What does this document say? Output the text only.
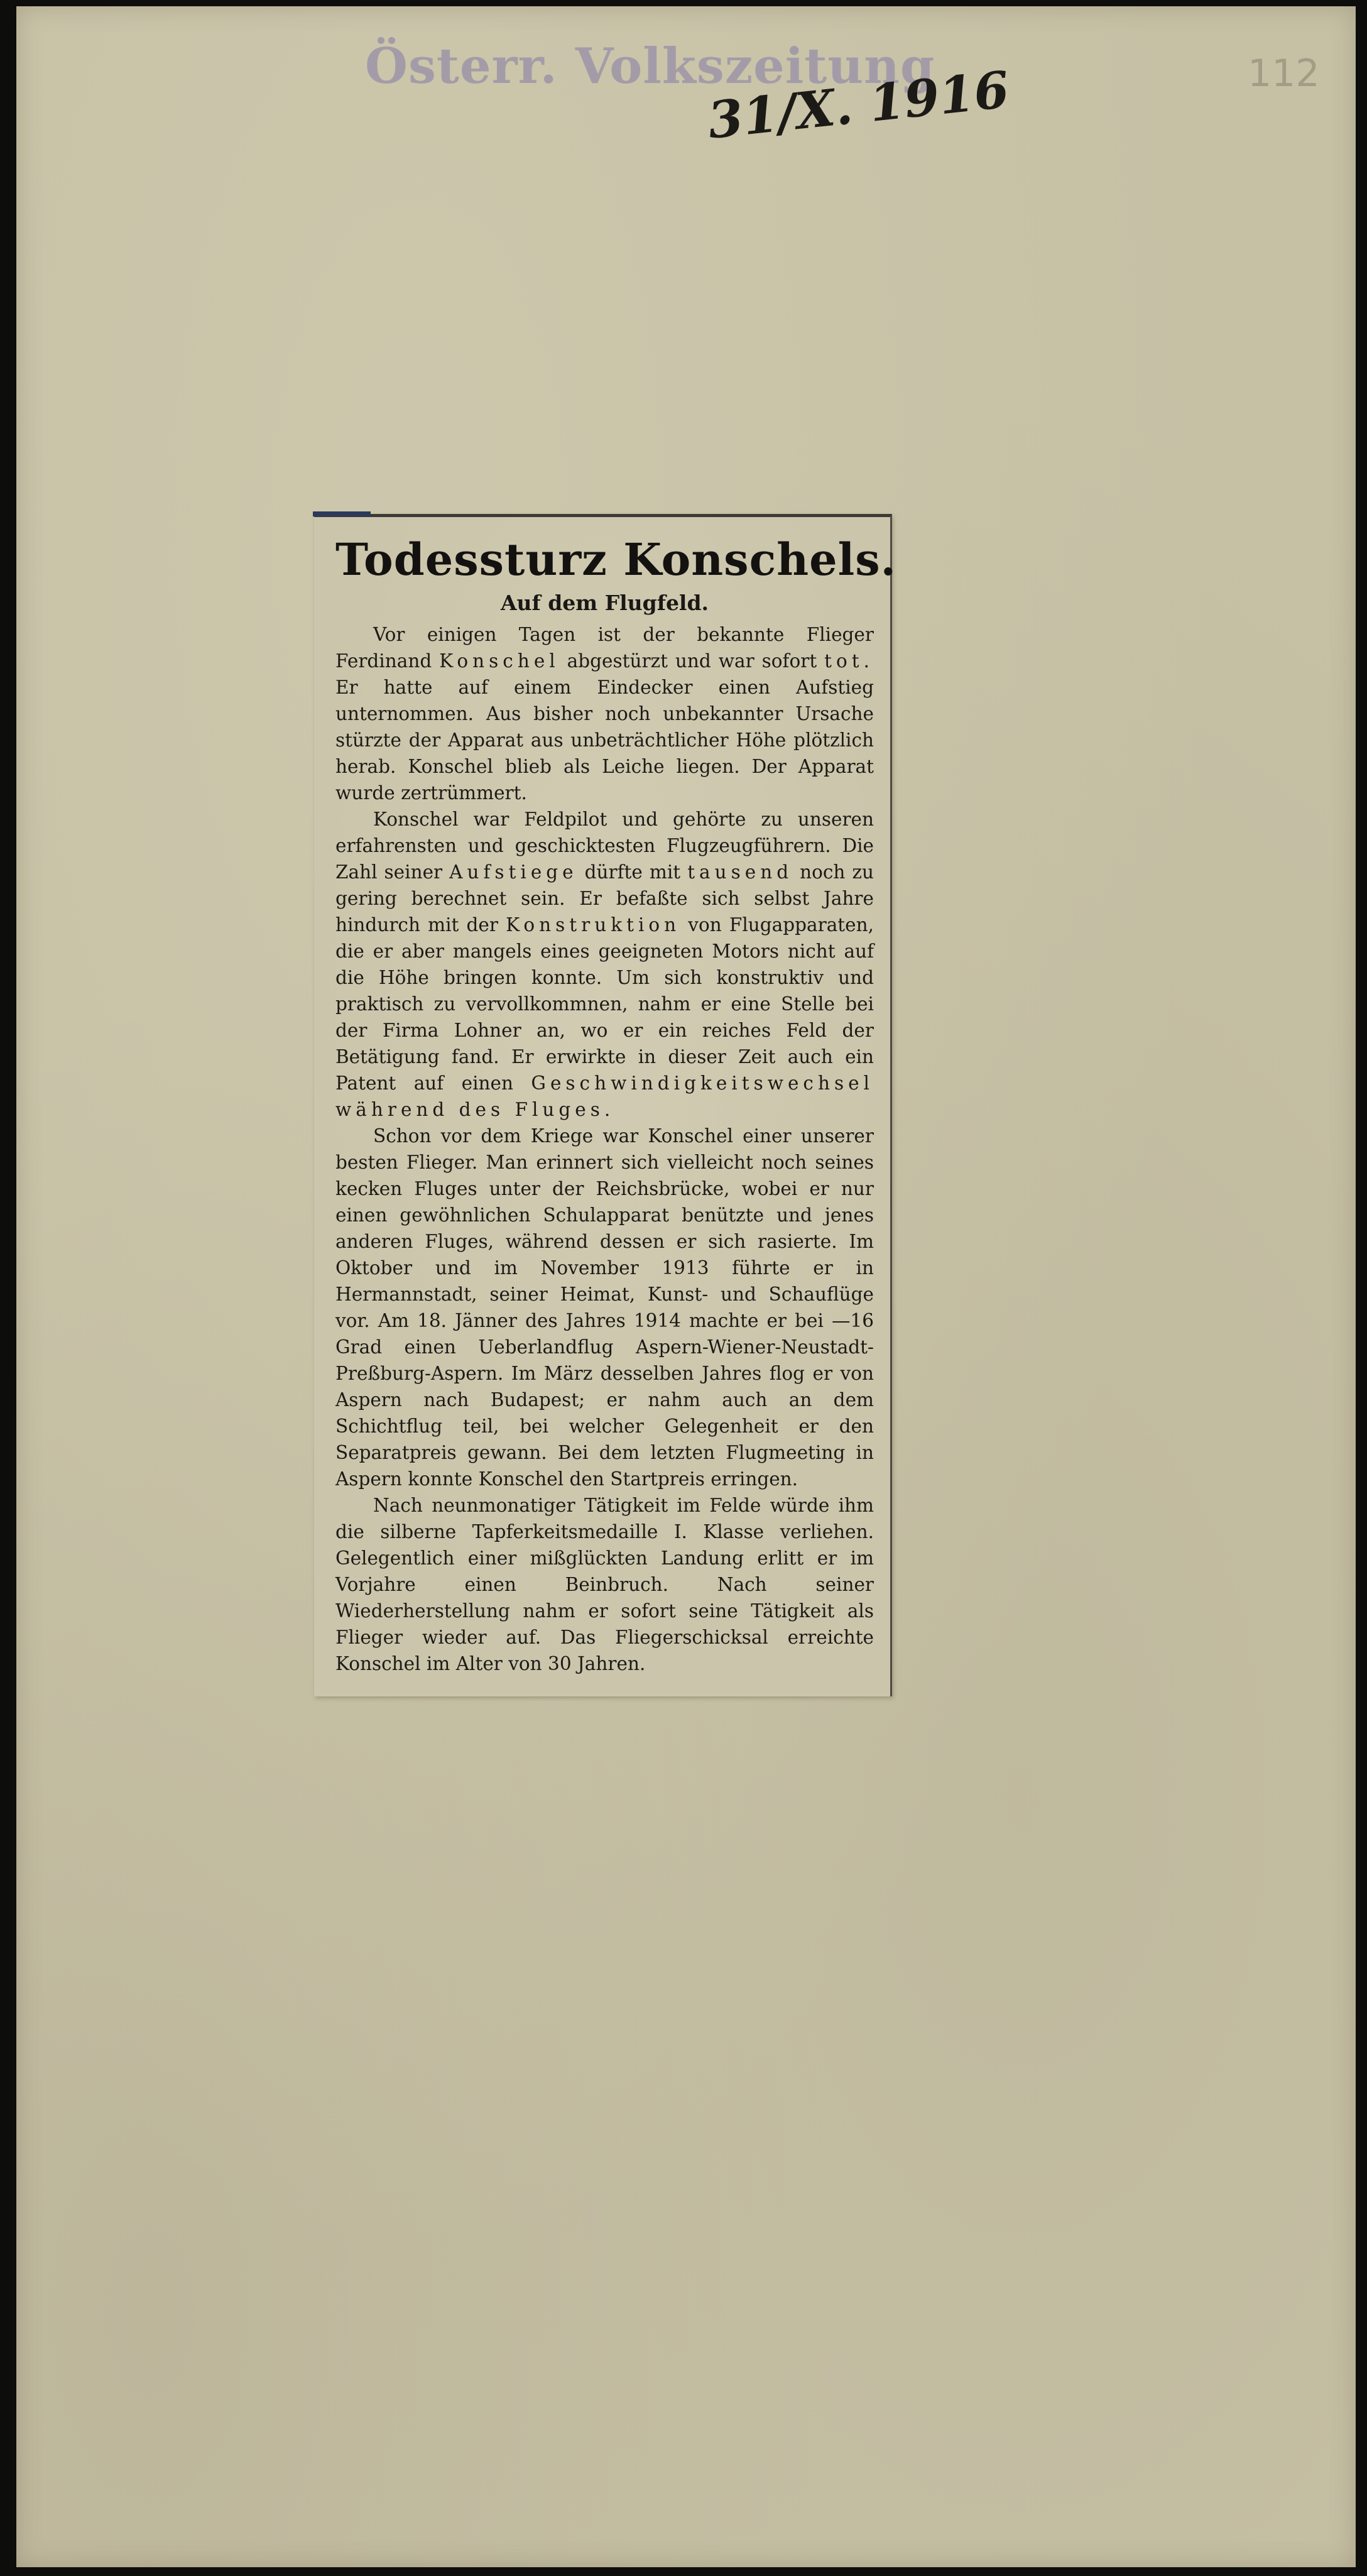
Österr. Volkszeitung
31/X. 1916	112
Todessturz Konschels.
Auf dem Flugfeld.

Vor einigen Tagen ist der bekannte Flieger Ferdinand Konschel abgestürzt und war sofort tot. Er hatte auf einem Eindecker einen Aufstieg unternommen. Aus bisher noch unbekannter Ursache stürzte der Apparat aus unbeträchtlicher Höhe plötzlich herab. Konschel blieb als Leiche liegen. Der Apparat wurde zertrümmert.

Konschel war Feldpilot und gehörte zu unseren erfahrensten und geschicktesten Flugzeugführern. Die Zahl seiner Aufstiege dürfte mit tausend noch zu gering berechnet sein. Er befaßte sich selbst Jahre hindurch mit der Konstruktion von Flugapparaten, die er aber mangels eines geeigneten Motors nicht auf die Höhe bringen konnte. Um sich konstruktiv und praktisch zu vervollkommnen, nahm er eine Stelle bei der Firma Lohner an, wo er ein reiches Feld der Betätigung fand. Er erwirkte in dieser Zeit auch ein Patent auf einen Geschwindigkeitswechsel während des Fluges.

Schon vor dem Kriege war Konschel einer unserer besten Flieger. Man erinnert sich vielleicht noch seines kecken Fluges unter der Reichsbrücke, wobei er nur einen gewöhnlichen Schulapparat benützte und jenes anderen Fluges, während dessen er sich rasierte. Im Oktober und im November 1913 führte er in Hermannstadt, seiner Heimat, Kunst- und Schauflüge vor. Am 18. Jänner des Jahres 1914 machte er bei —16 Grad einen Ueberlandflug Aspern-Wiener-Neustadt-Preßburg-Aspern. Im März desselben Jahres flog er von Aspern nach Budapest; er nahm auch an dem Schichtflug teil, bei welcher Gelegenheit er den Separatpreis gewann. Bei dem letzten Flugmeeting in Aspern konnte Konschel den Startpreis erringen.

Nach neunmonatiger Tätigkeit im Felde würde ihm die silberne Tapferkeitsmedaille I. Klasse verliehen. Gelegentlich einer mißglückten Landung erlitt er im Vorjahre einen Beinbruch. Nach seiner Wiederherstellung nahm er sofort seine Tätigkeit als Flieger wieder auf. Das Fliegerschicksal erreichte Konschel im Alter von 30 Jahren.
